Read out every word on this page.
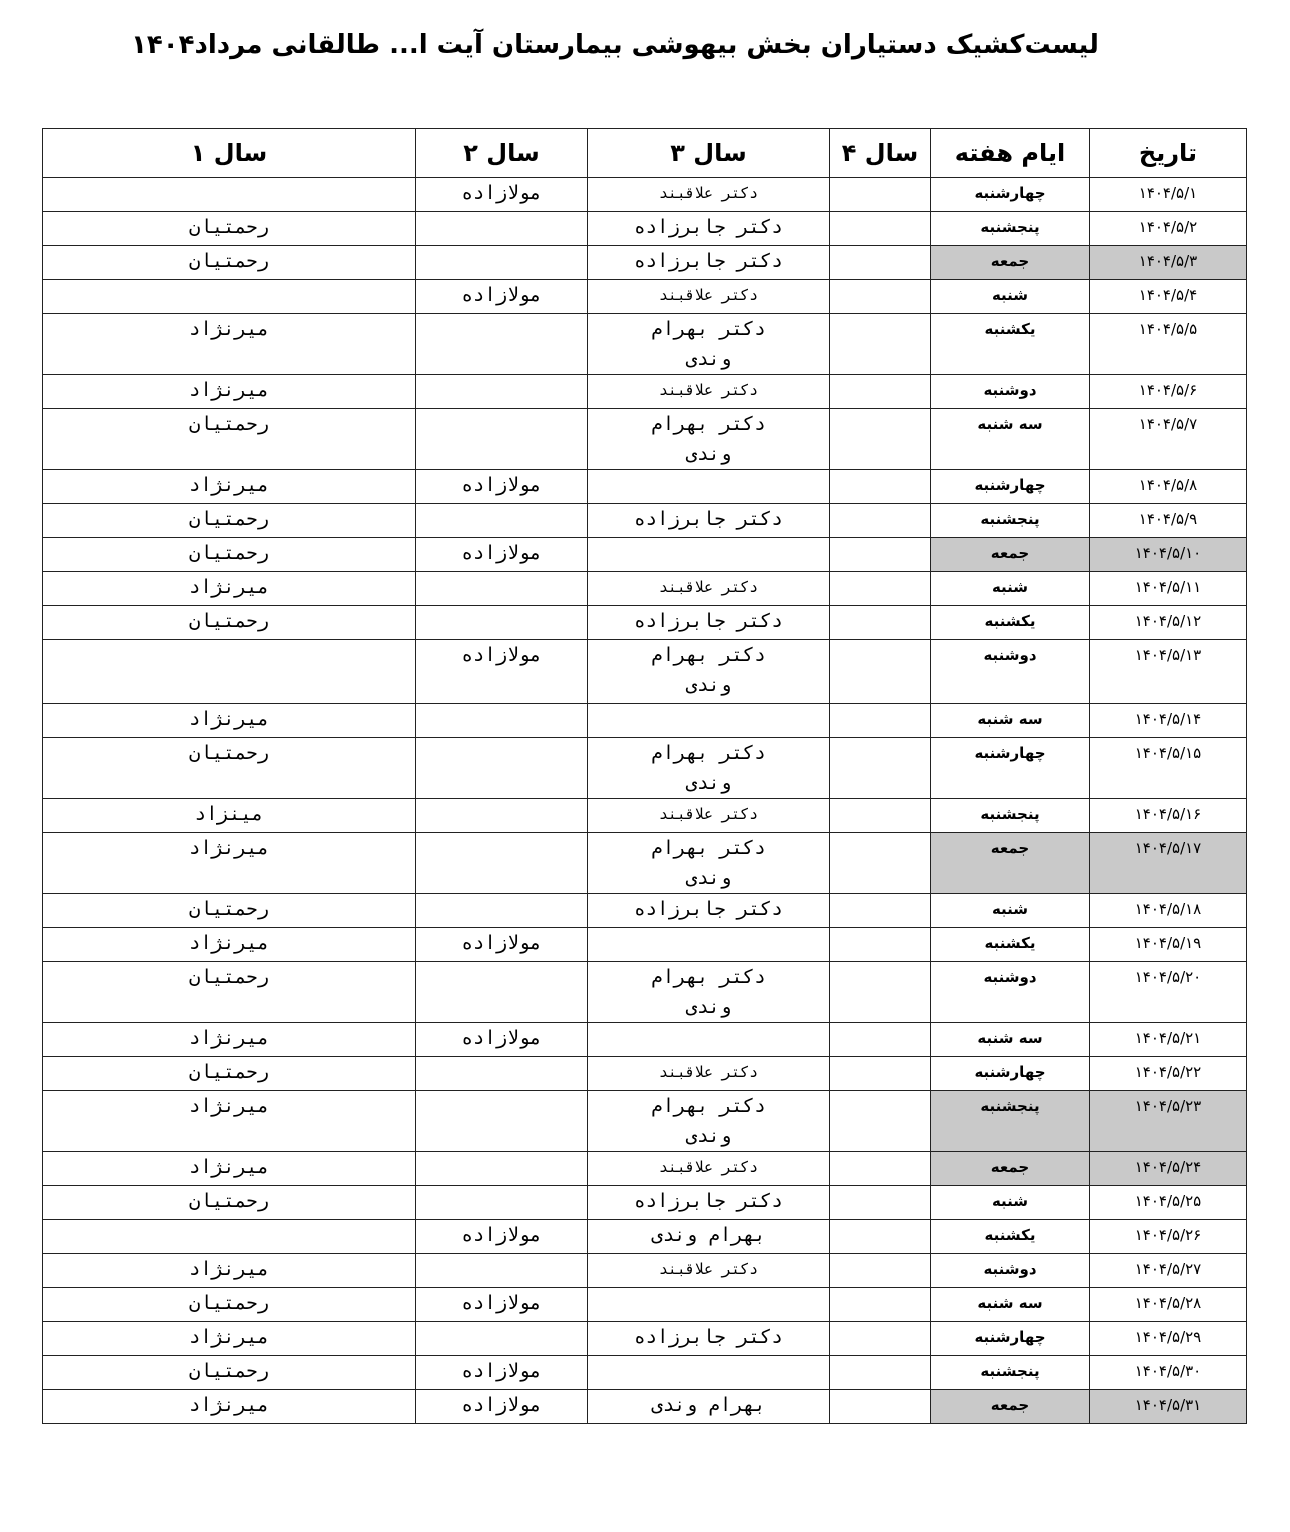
لیست‌کشیک دستیاران بخش بیهوشی بیمارستان آیت ا... طالقانی مرداد۱۴۰۴
تاریخ	ایام هفته	سال ۴	سال ۳	سال ۲	سال ۱
۱۴۰۴/۵/۱	چهارشنبه		دکتر علاقبند	مولازاده	
۱۴۰۴/۵/۲	پنجشنبه		دکتر جابرزاده		رحمتیان
۱۴۰۴/۵/۳	جمعه		دکتر جابرزاده		رحمتیان
۱۴۰۴/۵/۴	شنبه		دکتر علاقبند	مولازاده	
۱۴۰۴/۵/۵	یکشنبه		دکتر بهرام وندی		میرنژاد
۱۴۰۴/۵/۶	دوشنبه		دکتر علاقبند		میرنژاد
۱۴۰۴/۵/۷	سه شنبه		دکتر بهرام وندی		رحمتیان
۱۴۰۴/۵/۸	چهارشنبه			مولازاده	میرنژاد
۱۴۰۴/۵/۹	پنجشنبه		دکتر جابرزاده		رحمتیان
۱۴۰۴/۵/۱۰	جمعه			مولازاده	رحمتیان
۱۴۰۴/۵/۱۱	شنبه		دکتر علاقبند		میرنژاد
۱۴۰۴/۵/۱۲	یکشنبه		دکتر جابرزاده		رحمتیان
۱۴۰۴/۵/۱۳	دوشنبه		دکتر بهرام وندی	مولازاده	
۱۴۰۴/۵/۱۴	سه شنبه				میرنژاد
۱۴۰۴/۵/۱۵	چهارشنبه		دکتر بهرام وندی		رحمتیان
۱۴۰۴/۵/۱۶	پنجشنبه		دکتر علاقبند		مینزاد
۱۴۰۴/۵/۱۷	جمعه		دکتر بهرام وندی		میرنژاد
۱۴۰۴/۵/۱۸	شنبه		دکتر جابرزاده		رحمتیان
۱۴۰۴/۵/۱۹	یکشنبه			مولازاده	میرنژاد
۱۴۰۴/۵/۲۰	دوشنبه		دکتر بهرام وندی		رحمتیان
۱۴۰۴/۵/۲۱	سه شنبه			مولازاده	میرنژاد
۱۴۰۴/۵/۲۲	چهارشنبه		دکتر علاقبند		رحمتیان
۱۴۰۴/۵/۲۳	پنجشنبه		دکتر بهرام وندی		میرنژاد
۱۴۰۴/۵/۲۴	جمعه		دکتر علاقبند		میرنژاد
۱۴۰۴/۵/۲۵	شنبه		دکتر جابرزاده		رحمتیان
۱۴۰۴/۵/۲۶	یکشنبه		بهرام وندی	مولازاده	
۱۴۰۴/۵/۲۷	دوشنبه		دکتر علاقبند		میرنژاد
۱۴۰۴/۵/۲۸	سه شنبه			مولازاده	رحمتیان
۱۴۰۴/۵/۲۹	چهارشنبه		دکتر جابرزاده		میرنژاد
۱۴۰۴/۵/۳۰	پنجشنبه			مولازاده	رحمتیان
۱۴۰۴/۵/۳۱	جمعه		بهرام وندی	مولازاده	میرنژاد
